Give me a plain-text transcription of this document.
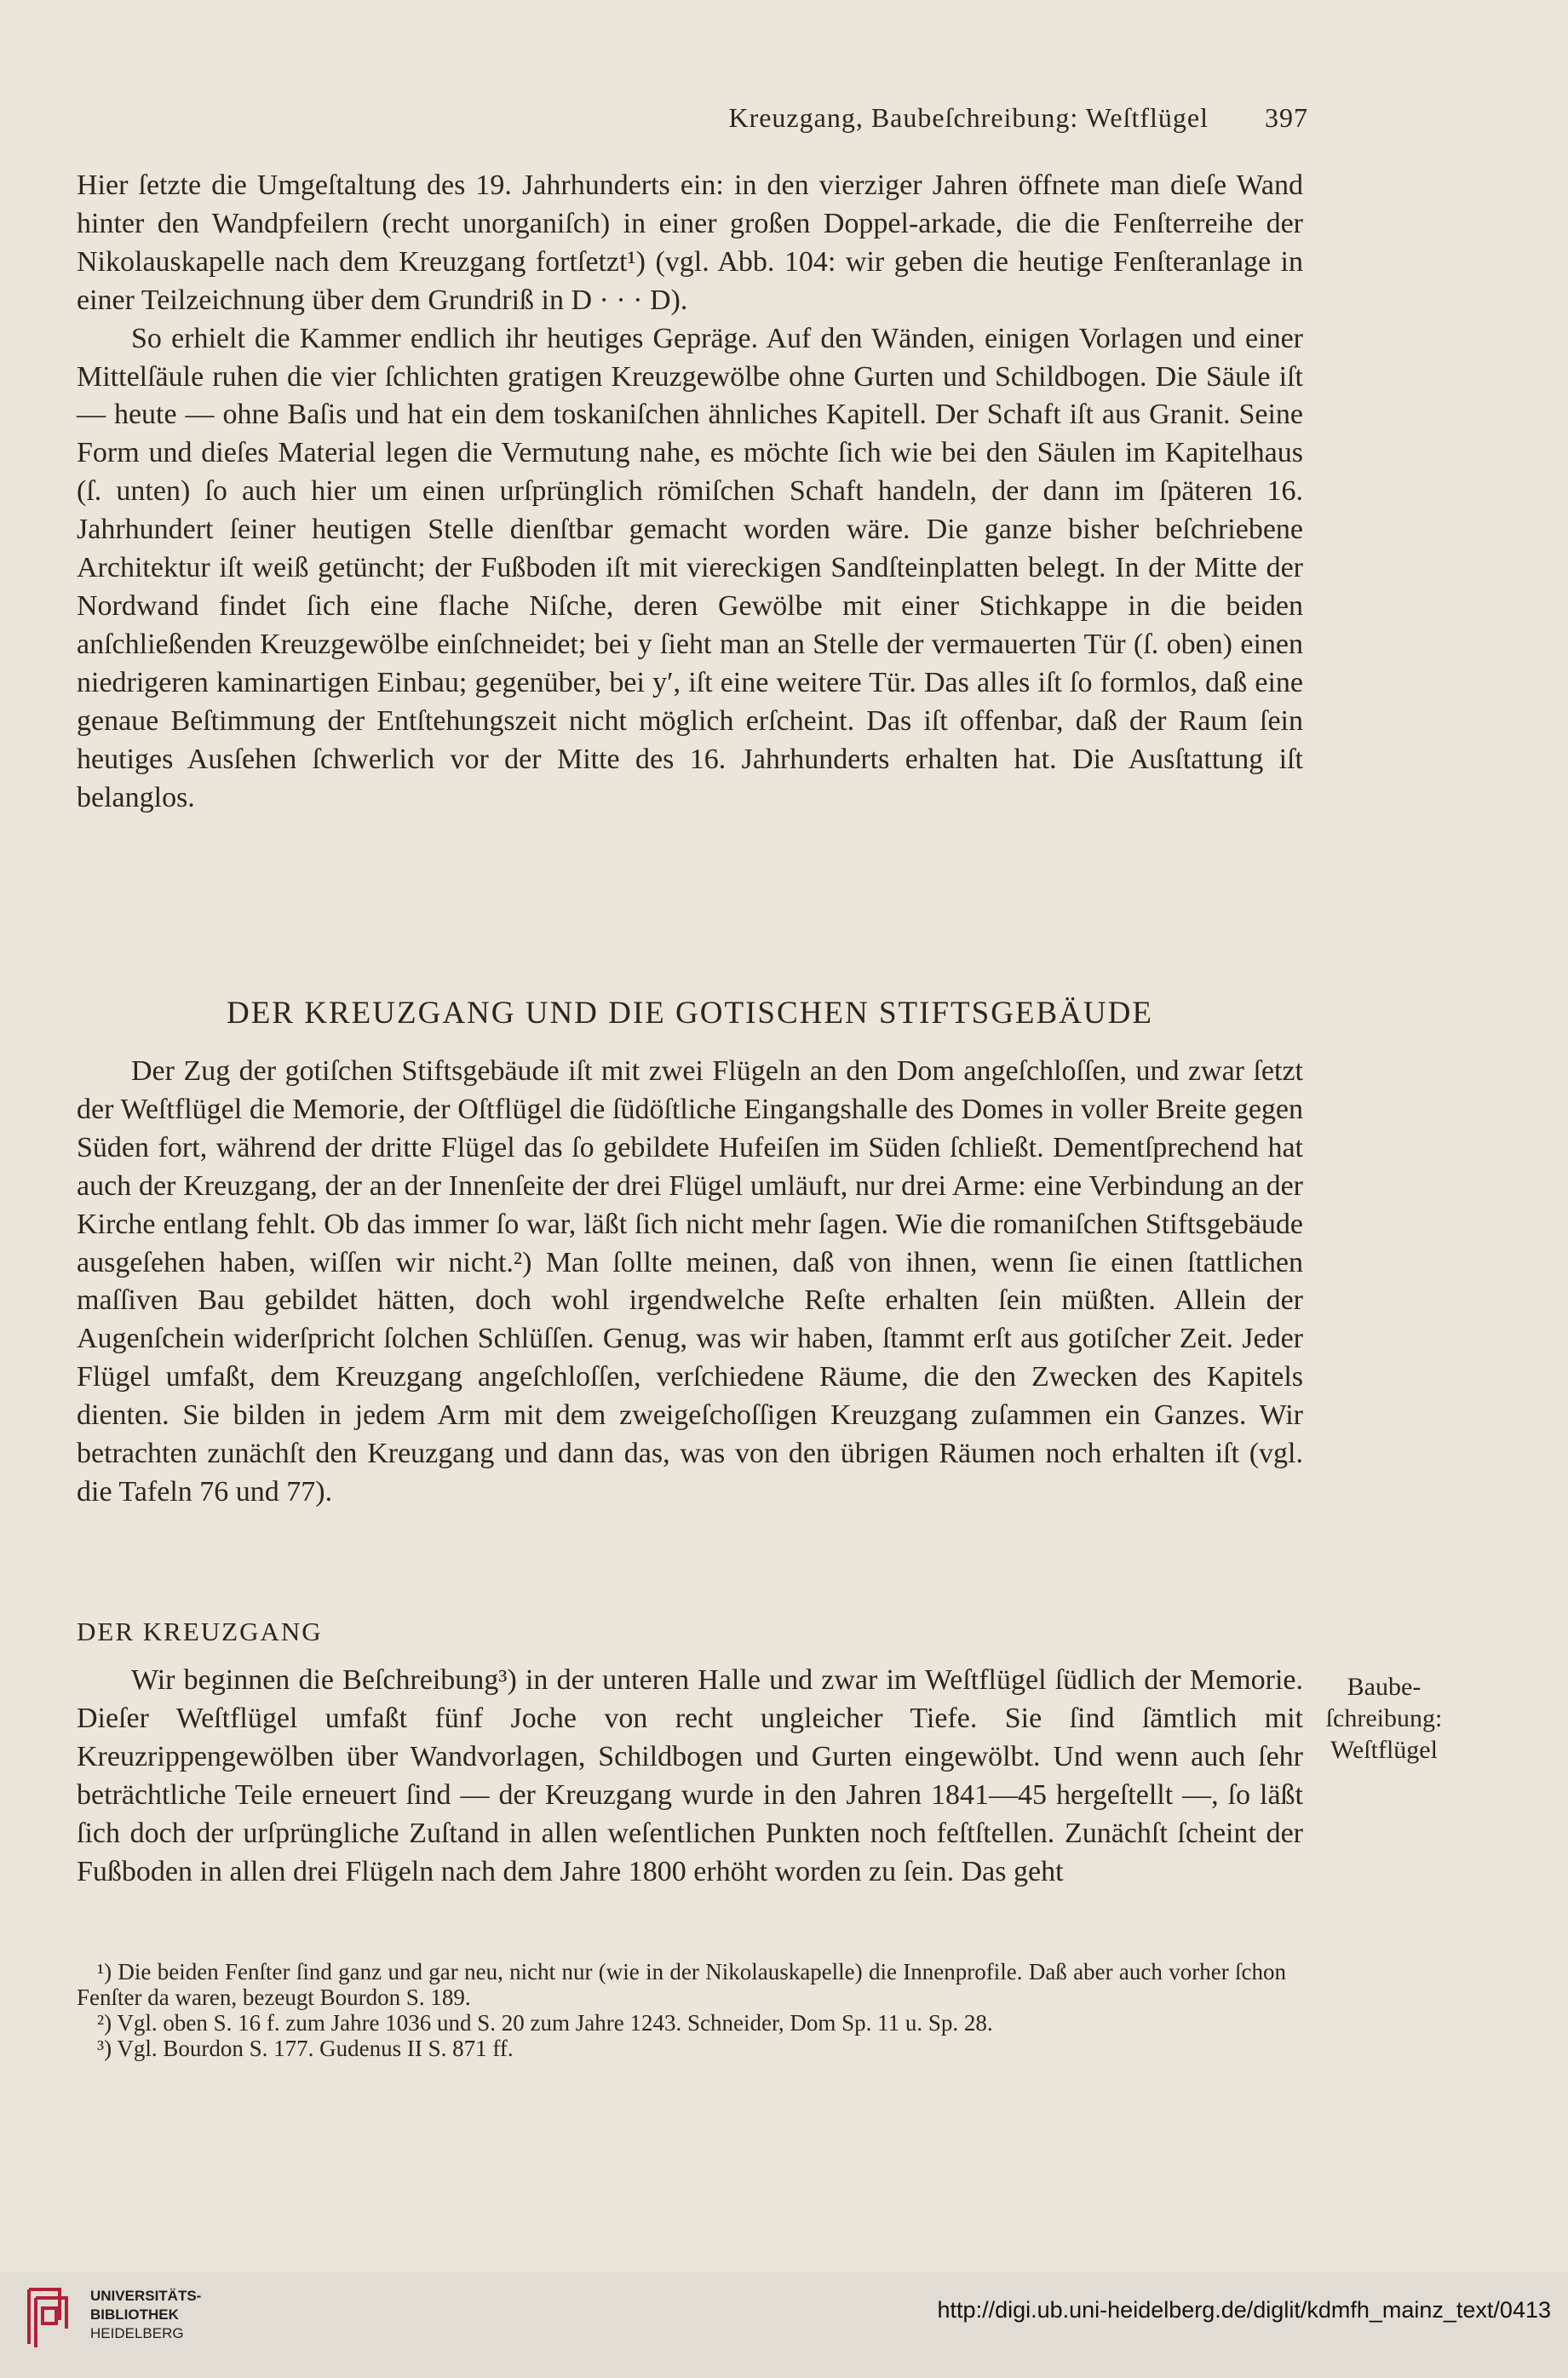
Kreuzgang, Baubeſchreibung: Weſtflügel 397

Hier ſetzte die Umgeſtaltung des 19. Jahrhunderts ein: in den vierziger Jahren öffnete man dieſe Wand hinter den Wandpfeilern (recht unorganiſch) in einer großen Doppel-arkade, die die Fenſterreihe der Nikolauskapelle nach dem Kreuzgang fortſetzt¹) (vgl. Abb. 104: wir geben die heutige Fenſteranlage in einer Teilzeichnung über dem Grundriß in D · · · D).

So erhielt die Kammer endlich ihr heutiges Gepräge. Auf den Wänden, einigen Vorlagen und einer Mittelſäule ruhen die vier ſchlichten gratigen Kreuzgewölbe ohne Gurten und Schildbogen. Die Säule iſt — heute — ohne Baſis und hat ein dem toskaniſchen ähnliches Kapitell. Der Schaft iſt aus Granit. Seine Form und dieſes Material legen die Vermutung nahe, es möchte ſich wie bei den Säulen im Kapitelhaus (ſ. unten) ſo auch hier um einen urſprünglich römiſchen Schaft handeln, der dann im ſpäteren 16. Jahrhundert ſeiner heutigen Stelle dienſtbar gemacht worden wäre. Die ganze bisher beſchriebene Architektur iſt weiß getüncht; der Fußboden iſt mit viereckigen Sandſteinplatten belegt. In der Mitte der Nordwand findet ſich eine flache Niſche, deren Gewölbe mit einer Stichkappe in die beiden anſchließenden Kreuzgewölbe einſchneidet; bei y ſieht man an Stelle der vermauerten Tür (ſ. oben) einen niedrigeren kaminartigen Einbau; gegenüber, bei y′, iſt eine weitere Tür. Das alles iſt ſo formlos, daß eine genaue Beſtimmung der Entſtehungszeit nicht möglich erſcheint. Das iſt offenbar, daß der Raum ſein heutiges Ausſehen ſchwerlich vor der Mitte des 16. Jahrhunderts erhalten hat. Die Ausſtattung iſt belanglos.

DER KREUZGANG UND DIE GOTISCHEN STIFTSGEBÄUDE

Der Zug der gotiſchen Stiftsgebäude iſt mit zwei Flügeln an den Dom angeſchloſſen, und zwar ſetzt der Weſtflügel die Memorie, der Oſtflügel die ſüdöſtliche Eingangshalle des Domes in voller Breite gegen Süden fort, während der dritte Flügel das ſo gebildete Hufeiſen im Süden ſchließt. Dementſprechend hat auch der Kreuzgang, der an der Innenſeite der drei Flügel umläuft, nur drei Arme: eine Verbindung an der Kirche entlang fehlt. Ob das immer ſo war, läßt ſich nicht mehr ſagen. Wie die romaniſchen Stiftsgebäude ausgeſehen haben, wiſſen wir nicht.²) Man ſollte meinen, daß von ihnen, wenn ſie einen ſtattlichen maſſiven Bau gebildet hätten, doch wohl irgendwelche Reſte erhalten ſein müßten. Allein der Augenſchein widerſpricht ſolchen Schlüſſen. Genug, was wir haben, ſtammt erſt aus gotiſcher Zeit. Jeder Flügel umfaßt, dem Kreuzgang angeſchloſſen, verſchiedene Räume, die den Zwecken des Kapitels dienten. Sie bilden in jedem Arm mit dem zweigeſchoſſigen Kreuzgang zuſammen ein Ganzes. Wir betrachten zunächſt den Kreuzgang und dann das, was von den übrigen Räumen noch erhalten iſt (vgl. die Tafeln 76 und 77).

DER KREUZGANG

Wir beginnen die Beſchreibung³) in der unteren Halle und zwar im Weſtflügel ſüdlich der Memorie. Dieſer Weſtflügel umfaßt fünf Joche von recht ungleicher Tiefe. Sie ſind ſämtlich mit Kreuzrippengewölben über Wandvorlagen, Schildbogen und Gurten eingewölbt. Und wenn auch ſehr beträchtliche Teile erneuert ſind — der Kreuzgang wurde in den Jahren 1841—45 hergeſtellt —, ſo läßt ſich doch der urſprüngliche Zuſtand in allen weſentlichen Punkten noch feſtſtellen. Zunächſt ſcheint der Fußboden in allen drei Flügeln nach dem Jahre 1800 erhöht worden zu ſein. Das geht

Baube-
ſchreibung:
Weſtflügel

¹) Die beiden Fenſter ſind ganz und gar neu, nicht nur (wie in der Nikolauskapelle) die Innenprofile. Daß aber auch vorher ſchon Fenſter da waren, bezeugt Bourdon S. 189.

²) Vgl. oben S. 16 f. zum Jahre 1036 und S. 20 zum Jahre 1243. Schneider, Dom Sp. 11 u. Sp. 28.

³) Vgl. Bourdon S. 177. Gudenus II S. 871 ff.

UNIVERSITÄTS-
BIBLIOTHEK
HEIDELBERG
http://digi.ub.uni-heidelberg.de/diglit/kdmfh_mainz_text/0413
